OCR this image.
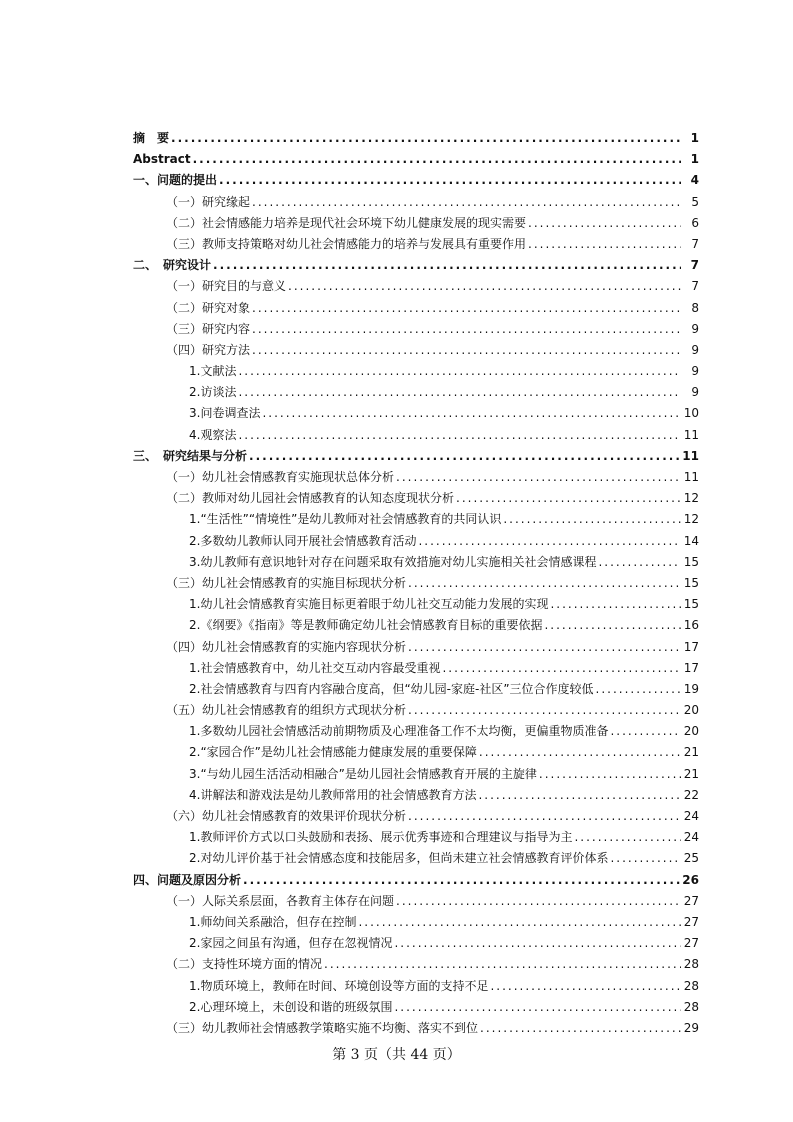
摘　要 .....	1
Abstract .....	1
一、问题的提出 .....	4
（一）研究缘起 .....	5
（二）社会情感能力培养是现代社会环境下幼儿健康发展的现实需要 .....	6
（三）教师支持策略对幼儿社会情感能力的培养与发展具有重要作用 .....	7
二、　研究设计 .....	7
（一）研究目的与意义 .....	7
（二）研究对象 .....	8
（三）研究内容 .....	9
（四）研究方法 .....	9
1.文献法 .....	9
2.访谈法 .....	9
3.问卷调查法 .....	10
4.观察法 .....	11
三、　研究结果与分析 .....	11
（一）幼儿社会情感教育实施现状总体分析 .....	11
（二）教师对幼儿园社会情感教育的认知态度现状分析 .....	12
1.“生活性”“情境性”是幼儿教师对社会情感教育的共同认识 .....	12
2.多数幼儿教师认同开展社会情感教育活动 .....	14
3.幼儿教师有意识地针对存在问题采取有效措施对幼儿实施相关社会情感课程 .....	15
（三）幼儿社会情感教育的实施目标现状分析 .....	15
1.幼儿社会情感教育实施目标更着眼于幼儿社交互动能力发展的实现 .....	15
2.《纲要》《指南》等是教师确定幼儿社会情感教育目标的重要依据 .....	16
（四）幼儿社会情感教育的实施内容现状分析 .....	17
1.社会情感教育中，幼儿社交互动内容最受重视 .....	17
2.社会情感教育与四育内容融合度高，但“幼儿园-家庭-社区”三位合作度较低 .....	19
（五）幼儿社会情感教育的组织方式现状分析 .....	20
1.多数幼儿园社会情感活动前期物质及心理准备工作不太均衡，更偏重物质准备 .....	20
2.“家园合作”是幼儿社会情感能力健康发展的重要保障 .....	21
3.“与幼儿园生活活动相融合”是幼儿园社会情感教育开展的主旋律 .....	21
4.讲解法和游戏法是幼儿教师常用的社会情感教育方法 .....	22
（六）幼儿社会情感教育的效果评价现状分析 .....	24
1.教师评价方式以口头鼓励和表扬、展示优秀事迹和合理建议与指导为主 .....	24
2.对幼儿评价基于社会情感态度和技能居多，但尚未建立社会情感教育评价体系 .....	25
四、问题及原因分析 .....	26
（一）人际关系层面，各教育主体存在问题 .....	27
1.师幼间关系融洽，但存在控制 .....	27
2.家园之间虽有沟通，但存在忽视情况 .....	27
（二）支持性环境方面的情况 .....	28
1.物质环境上，教师在时间、环境创设等方面的支持不足 .....	28
2.心理环境上，未创设和谐的班级氛围 .....	28
（三）幼儿教师社会情感教学策略实施不均衡、落实不到位 .....	29
第 3 页（共 44 页）
